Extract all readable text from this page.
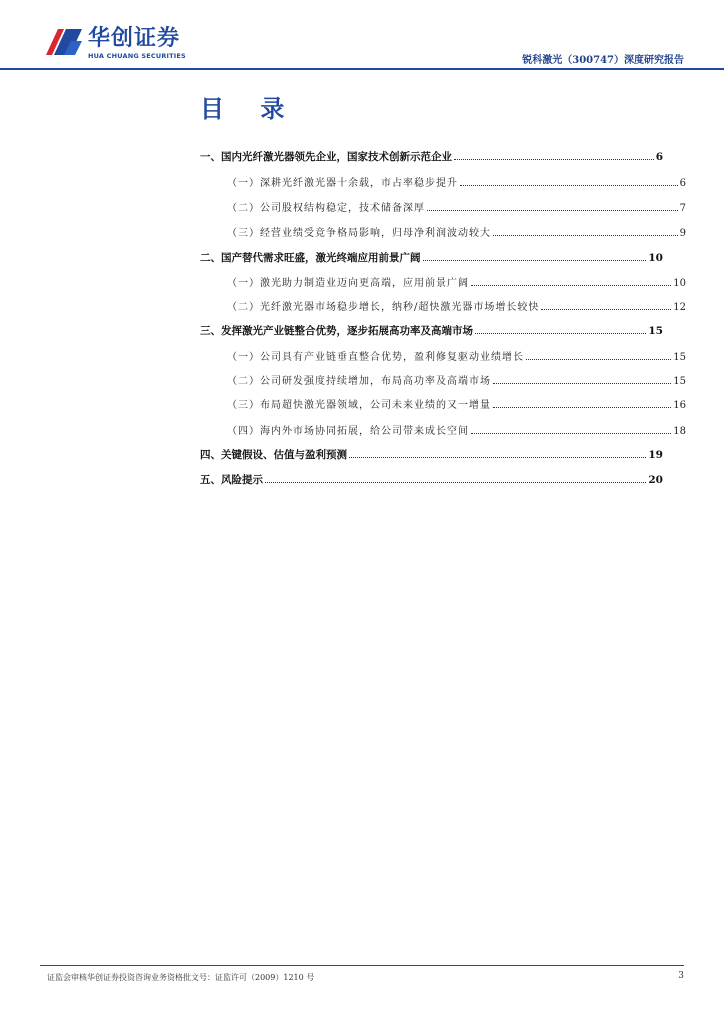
华创证券
HUA CHUANG SECURITIES	锐科激光（300747）深度研究报告
目 录
一、国内光纤激光器领先企业，国家技术创新示范企业	6
（一）深耕光纤激光器十余载，市占率稳步提升	6
（二）公司股权结构稳定，技术储备深厚	7
（三）经营业绩受竞争格局影响，归母净利润波动较大	9
二、国产替代需求旺盛，激光终端应用前景广阔	10
（一）激光助力制造业迈向更高端，应用前景广阔	10
（二）光纤激光器市场稳步增长，纳秒/超快激光器市场增长较快	12
三、发挥激光产业链整合优势，逐步拓展高功率及高端市场	15
（一）公司具有产业链垂直整合优势，盈利修复驱动业绩增长	15
（二）公司研发强度持续增加，布局高功率及高端市场	15
（三）布局超快激光器领域，公司未来业绩的又一增量	16
（四）海内外市场协同拓展，给公司带来成长空间	18
四、关键假设、估值与盈利预测	19
五、风险提示	20
证监会审核华创证券投资咨询业务资格批文号：证监许可（2009）1210 号	3
